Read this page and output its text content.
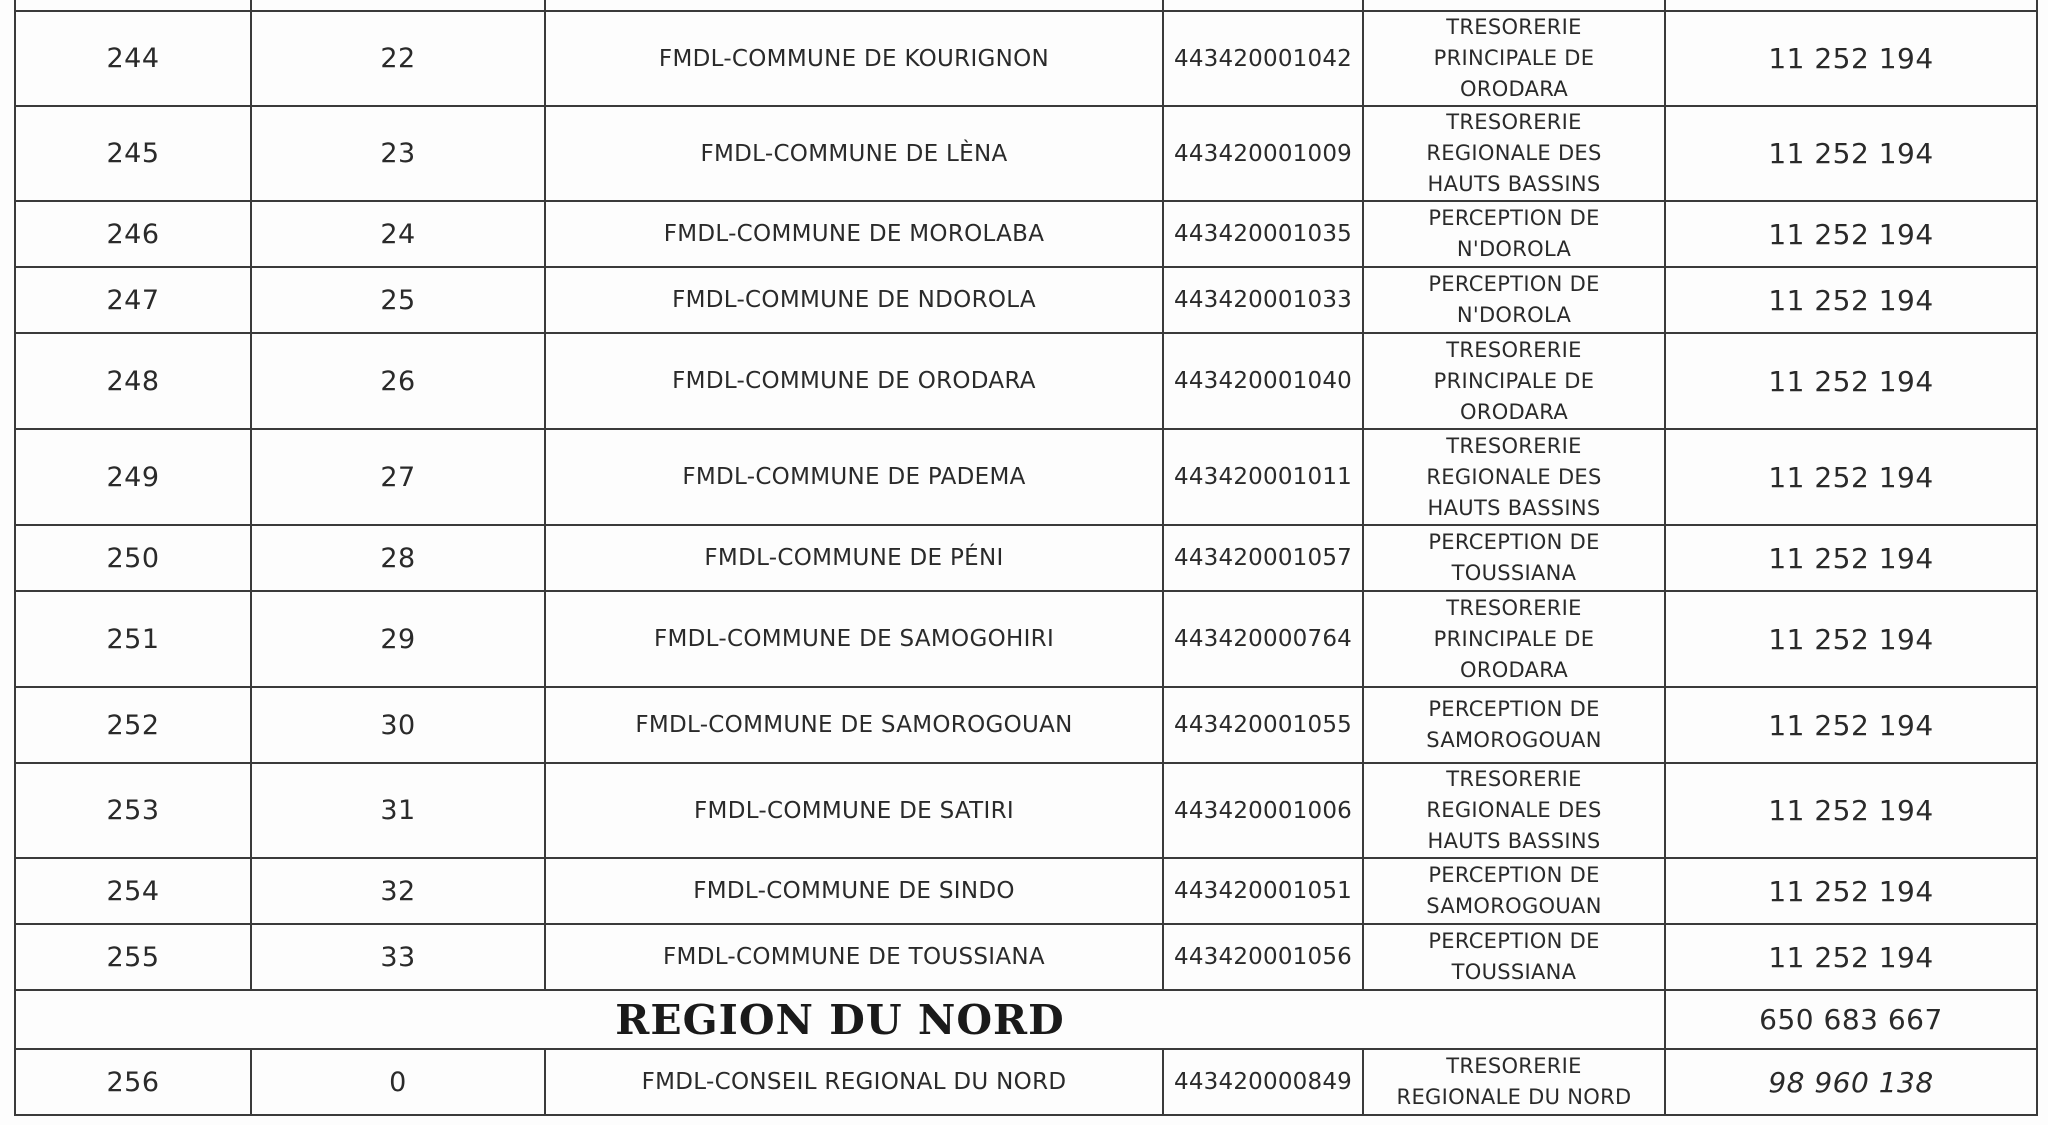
244	22	FMDL-COMMUNE DE KOURIGNON	443420001042	TRESORERIE
PRINCIPALE DE
ORODARA	11 252 194
245	23	FMDL-COMMUNE DE LÈNA	443420001009	TRESORERIE
REGIONALE DES
HAUTS BASSINS	11 252 194
246	24	FMDL-COMMUNE DE MOROLABA	443420001035	PERCEPTION DE
N'DOROLA	11 252 194
247	25	FMDL-COMMUNE DE NDOROLA	443420001033	PERCEPTION DE
N'DOROLA	11 252 194
248	26	FMDL-COMMUNE DE ORODARA	443420001040	TRESORERIE
PRINCIPALE DE
ORODARA	11 252 194
249	27	FMDL-COMMUNE DE PADEMA	443420001011	TRESORERIE
REGIONALE DES
HAUTS BASSINS	11 252 194
250	28	FMDL-COMMUNE DE PÉNI	443420001057	PERCEPTION DE
TOUSSIANA	11 252 194
251	29	FMDL-COMMUNE DE SAMOGOHIRI	443420000764	TRESORERIE
PRINCIPALE DE
ORODARA	11 252 194
252	30	FMDL-COMMUNE DE SAMOROGOUAN	443420001055	PERCEPTION DE
SAMOROGOUAN	11 252 194
253	31	FMDL-COMMUNE DE SATIRI	443420001006	TRESORERIE
REGIONALE DES
HAUTS BASSINS	11 252 194
254	32	FMDL-COMMUNE DE SINDO	443420001051	PERCEPTION DE
SAMOROGOUAN	11 252 194
255	33	FMDL-COMMUNE DE TOUSSIANA	443420001056	PERCEPTION DE
TOUSSIANA	11 252 194
REGION DU NORD					650 683 667
256	0	FMDL-CONSEIL REGIONAL DU NORD	443420000849	TRESORERIE
REGIONALE DU NORD	98 960 138
